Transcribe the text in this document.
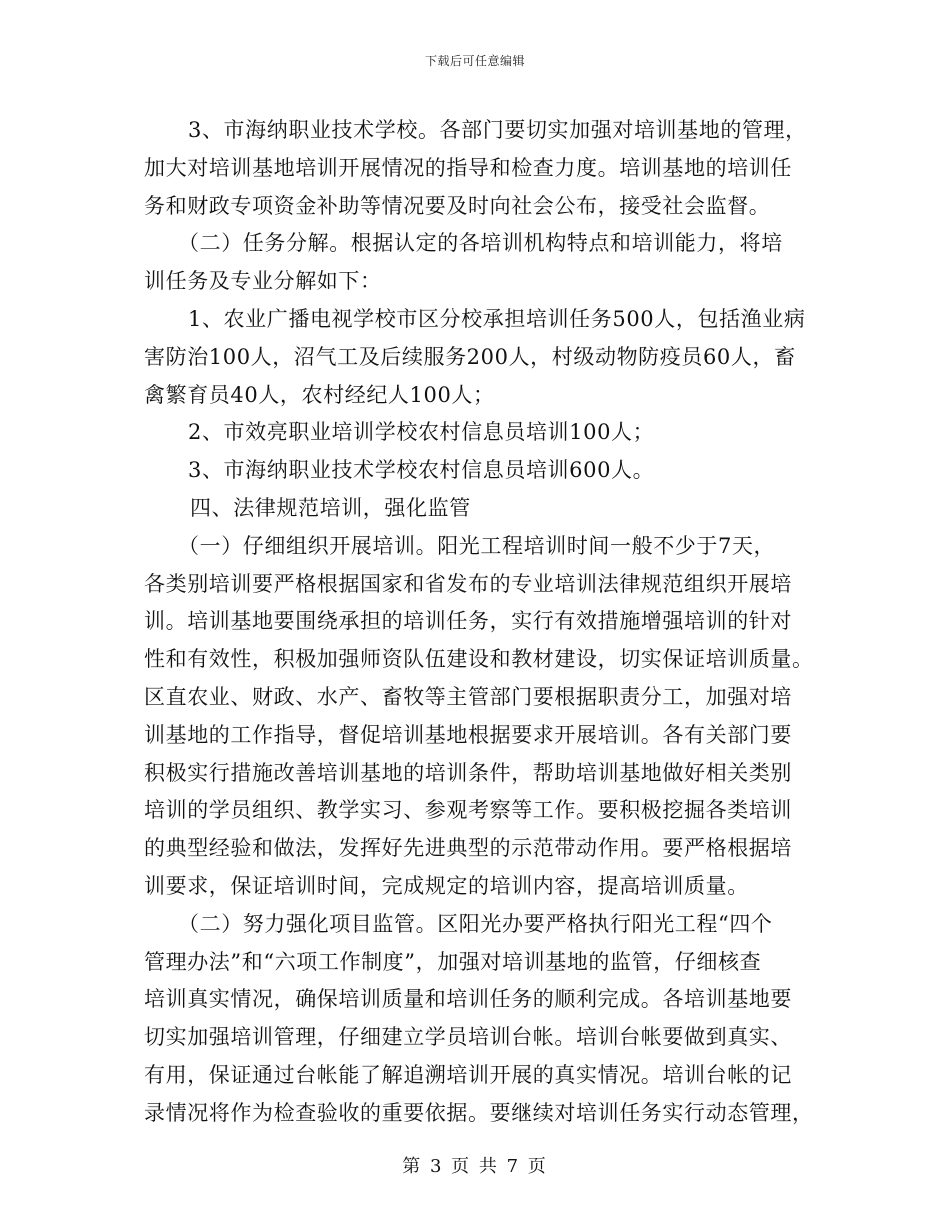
下载后可任意编辑
3、市海纳职业技术学校。各部门要切实加强对培训基地的管理，
加大对培训基地培训开展情况的指导和检查力度。培训基地的培训任
务和财政专项资金补助等情况要及时向社会公布，接受社会监督。
（二）任务分解。根据认定的各培训机构特点和培训能力，将培
训任务及专业分解如下：
1、农业广播电视学校市区分校承担培训任务500人，包括渔业病
害防治100人，沼气工及后续服务200人，村级动物防疫员60人，畜
禽繁育员40人，农村经纪人100人；
2、市效亮职业培训学校农村信息员培训100人；
3、市海纳职业技术学校农村信息员培训600人。
四、法律规范培训，强化监管
（一）仔细组织开展培训。阳光工程培训时间一般不少于7天，
各类别培训要严格根据国家和省发布的专业培训法律规范组织开展培
训。培训基地要围绕承担的培训任务，实行有效措施增强培训的针对
性和有效性，积极加强师资队伍建设和教材建设，切实保证培训质量。
区直农业、财政、水产、畜牧等主管部门要根据职责分工，加强对培
训基地的工作指导，督促培训基地根据要求开展培训。各有关部门要
积极实行措施改善培训基地的培训条件，帮助培训基地做好相关类别
培训的学员组织、教学实习、参观考察等工作。要积极挖掘各类培训
的典型经验和做法，发挥好先进典型的示范带动作用。要严格根据培
训要求，保证培训时间，完成规定的培训内容，提高培训质量。
（二）努力强化项目监管。区阳光办要严格执行阳光工程“四个
管理办法”和“六项工作制度”，加强对培训基地的监管，仔细核查
培训真实情况，确保培训质量和培训任务的顺利完成。各培训基地要
切实加强培训管理，仔细建立学员培训台帐。培训台帐要做到真实、
有用，保证通过台帐能了解追溯培训开展的真实情况。培训台帐的记
录情况将作为检查验收的重要依据。要继续对培训任务实行动态管理，
第 3 页 共 7 页
